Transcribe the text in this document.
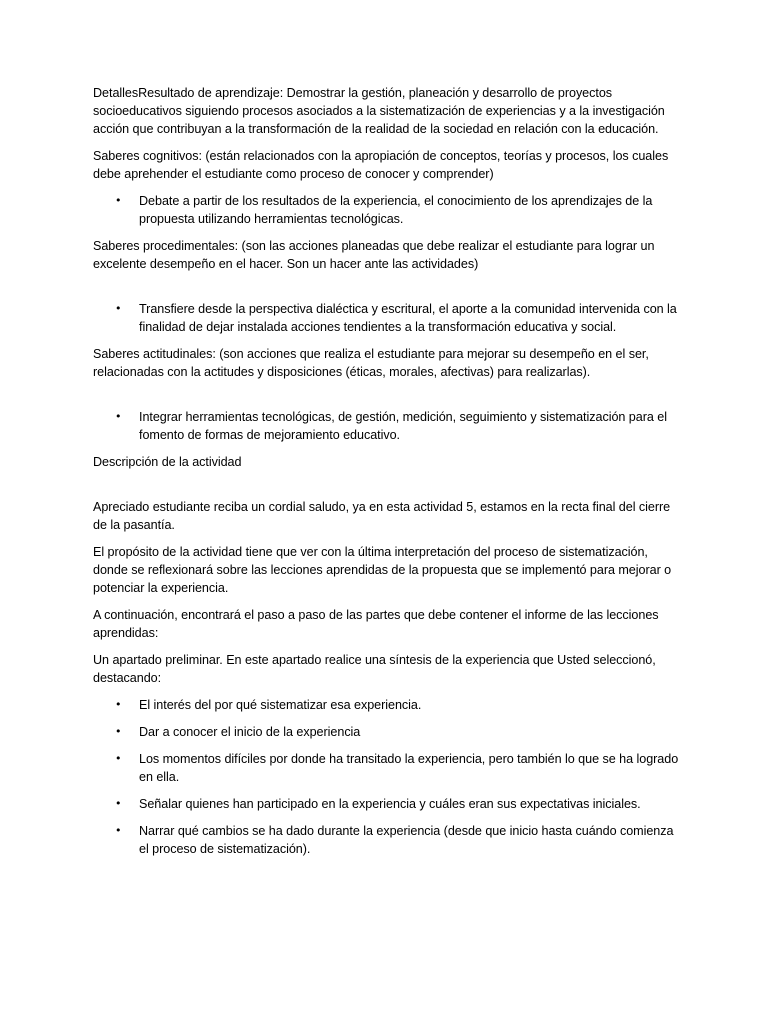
DetallesResultado de aprendizaje: Demostrar la gestión, planeación y desarrollo de proyectos socioeducativos siguiendo procesos asociados a la sistematización de experiencias y a la investigación acción que contribuyan a la transformación de la realidad de la sociedad en relación con la educación.

Saberes cognitivos: (están relacionados con la apropiación de conceptos, teorías y procesos, los cuales debe aprehender el estudiante como proceso de conocer y comprender)

• Debate a partir de los resultados de la experiencia, el conocimiento de los aprendizajes de la propuesta utilizando herramientas tecnológicas.

Saberes procedimentales: (son las acciones planeadas que debe realizar el estudiante para lograr un excelente desempeño en el hacer. Son un hacer ante las actividades)

• Transfiere desde la perspectiva dialéctica y escritural, el aporte a la comunidad intervenida con la finalidad de dejar instalada acciones tendientes a la transformación educativa y social.

Saberes actitudinales: (son acciones que realiza el estudiante para mejorar su desempeño en el ser, relacionadas con la actitudes y disposiciones (éticas, morales, afectivas) para realizarlas).

• Integrar herramientas tecnológicas, de gestión, medición, seguimiento y sistematización para el fomento de formas de mejoramiento educativo.

Descripción de la actividad

Apreciado estudiante reciba un cordial saludo, ya en esta actividad 5, estamos en la recta final del cierre de la pasantía.

El propósito de la actividad tiene que ver con la última interpretación del proceso de sistematización, donde se reflexionará sobre las lecciones aprendidas de la propuesta que se implementó para mejorar o potenciar la experiencia.

A continuación, encontrará el paso a paso de las partes que debe contener el informe de las lecciones aprendidas:

Un apartado preliminar. En este apartado realice una síntesis de la experiencia que Usted seleccionó, destacando:

• El interés del por qué sistematizar esa experiencia.
• Dar a conocer el inicio de la experiencia
• Los momentos difíciles por donde ha transitado la experiencia, pero también lo que se ha logrado en ella.
• Señalar quienes han participado en la experiencia y cuáles eran sus expectativas iniciales.
• Narrar qué cambios se ha dado durante la experiencia (desde que inicio hasta cuándo comienza el proceso de sistematización).
